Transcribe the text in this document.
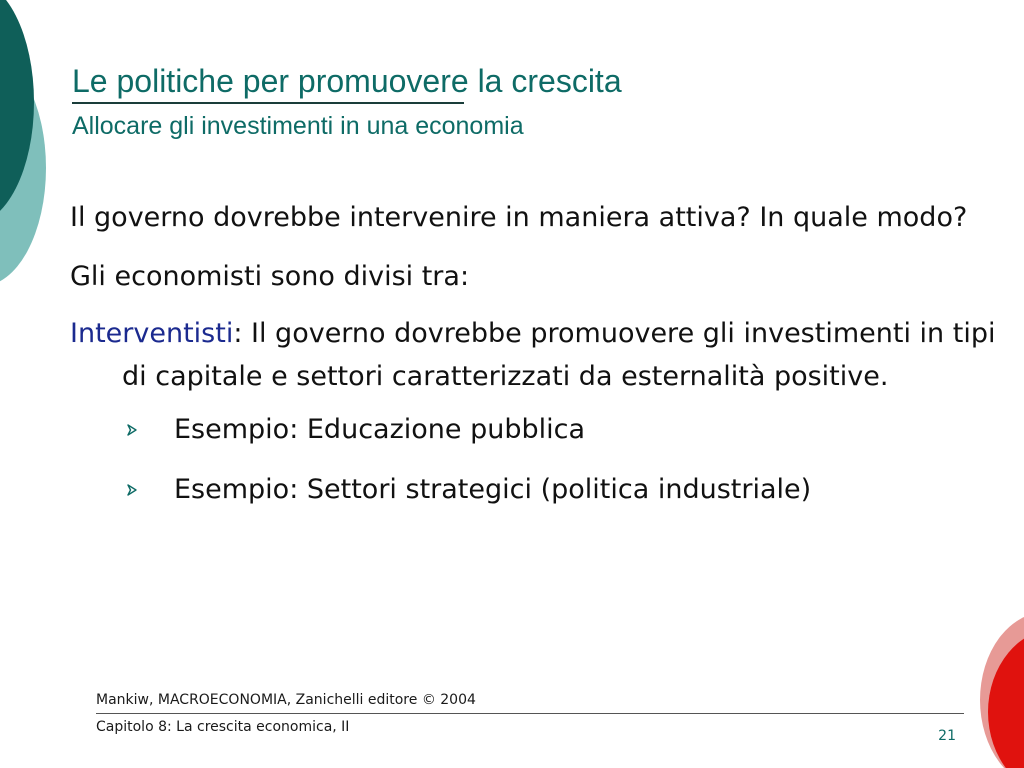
Le politiche per promuovere la crescita
Allocare gli investimenti in una economia

Il governo dovrebbe intervenire in maniera attiva? In quale modo?

Gli economisti sono divisi tra:

Interventisti: Il governo dovrebbe promuovere gli investimenti in tipi di capitale e settori caratterizzati da esternalità positive.

Esempio: Educazione pubblica
Esempio: Settori strategici (politica industriale)
Mankiw, MACROECONOMIA, Zanichelli editore © 2004
Capitolo 8: La crescita economica, II
21
